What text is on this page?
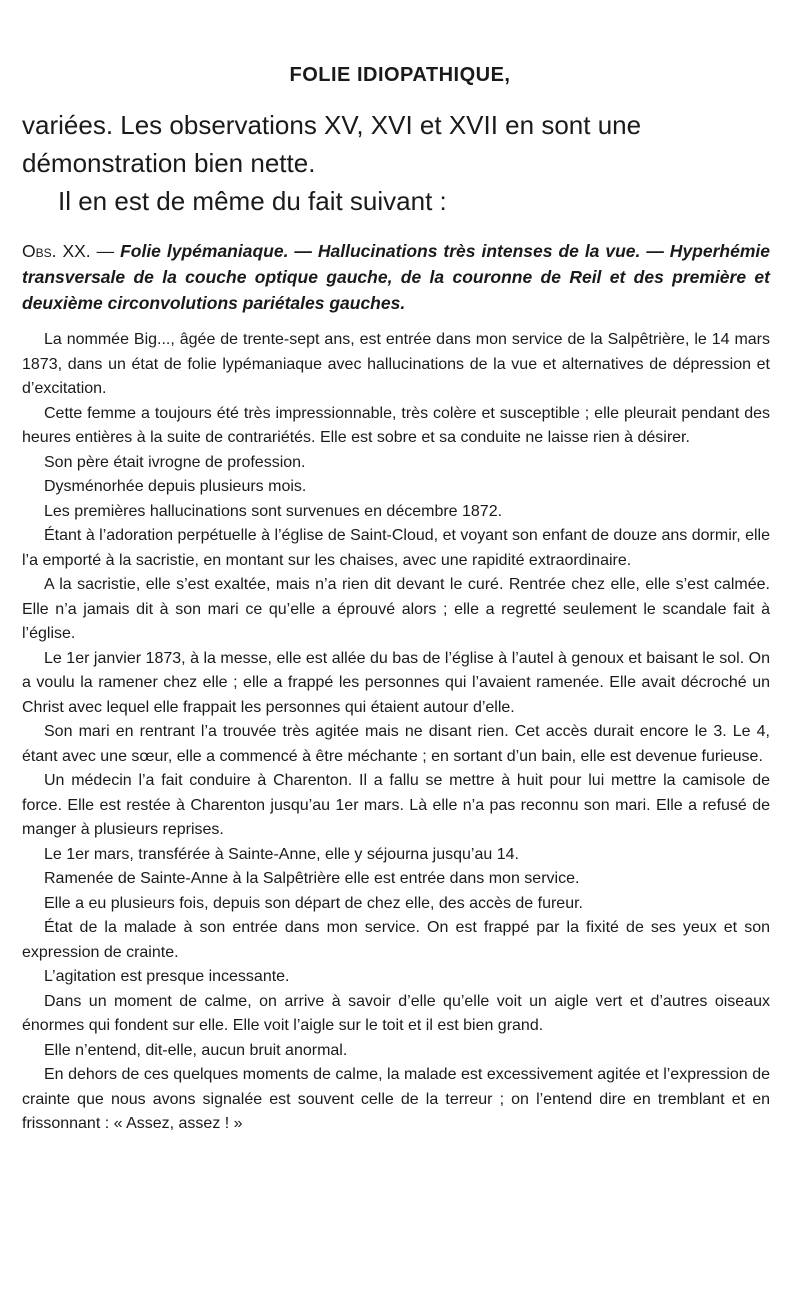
FOLIE IDIOPATHIQUE,

variées. Les observations XV, XVI et XVII en sont une démonstration bien nette.

Il en est de même du fait suivant :

Obs. XX. — Folie lypémaniaque. — Hallucinations très intenses de la vue. — Hyperhémie transversale de la couche optique gauche, de la couronne de Reil et des première et deuxième circonvolutions pariétales gauches.

La nommée Big..., âgée de trente-sept ans, est entrée dans mon service de la Salpêtrière, le 14 mars 1873, dans un état de folie lypémaniaque avec hallucinations de la vue et alternatives de dépression et d’excitation.

Cette femme a toujours été très impressionnable, très colère et susceptible ; elle pleurait pendant des heures entières à la suite de contrariétés. Elle est sobre et sa conduite ne laisse rien à désirer.

Son père était ivrogne de profession.

Dysménorhée depuis plusieurs mois.

Les premières hallucinations sont survenues en décembre 1872.

Étant à l’adoration perpétuelle à l’église de Saint-Cloud, et voyant son enfant de douze ans dormir, elle l’a emporté à la sacristie, en montant sur les chaises, avec une rapidité extraordinaire.

A la sacristie, elle s’est exaltée, mais n’a rien dit devant le curé. Rentrée chez elle, elle s’est calmée. Elle n’a jamais dit à son mari ce qu’elle a éprouvé alors ; elle a regretté seulement le scandale fait à l’église.

Le 1er janvier 1873, à la messe, elle est allée du bas de l’église à l’autel à genoux et baisant le sol. On a voulu la ramener chez elle ; elle a frappé les personnes qui l’avaient ramenée. Elle avait décroché un Christ avec lequel elle frappait les personnes qui étaient autour d’elle.

Son mari en rentrant l’a trouvée très agitée mais ne disant rien. Cet accès durait encore le 3. Le 4, étant avec une sœur, elle a commencé à être méchante ; en sortant d’un bain, elle est devenue furieuse.

Un médecin l’a fait conduire à Charenton. Il a fallu se mettre à huit pour lui mettre la camisole de force. Elle est restée à Charenton jusqu’au 1er mars. Là elle n’a pas reconnu son mari. Elle a refusé de manger à plusieurs reprises.

Le 1er mars, transférée à Sainte-Anne, elle y séjourna jusqu’au 14.

Ramenée de Sainte-Anne à la Salpêtrière elle est entrée dans mon service.

Elle a eu plusieurs fois, depuis son départ de chez elle, des accès de fureur.

État de la malade à son entrée dans mon service. On est frappé par la fixité de ses yeux et son expression de crainte.

L’agitation est presque incessante.

Dans un moment de calme, on arrive à savoir d’elle qu’elle voit un aigle vert et d’autres oiseaux énormes qui fondent sur elle. Elle voit l’aigle sur le toit et il est bien grand.

Elle n’entend, dit-elle, aucun bruit anormal.

En dehors de ces quelques moments de calme, la malade est excessivement agitée et l’expression de crainte que nous avons signalée est souvent celle de la terreur ; on l’entend dire en tremblant et en frissonnant : « Assez, assez ! »
